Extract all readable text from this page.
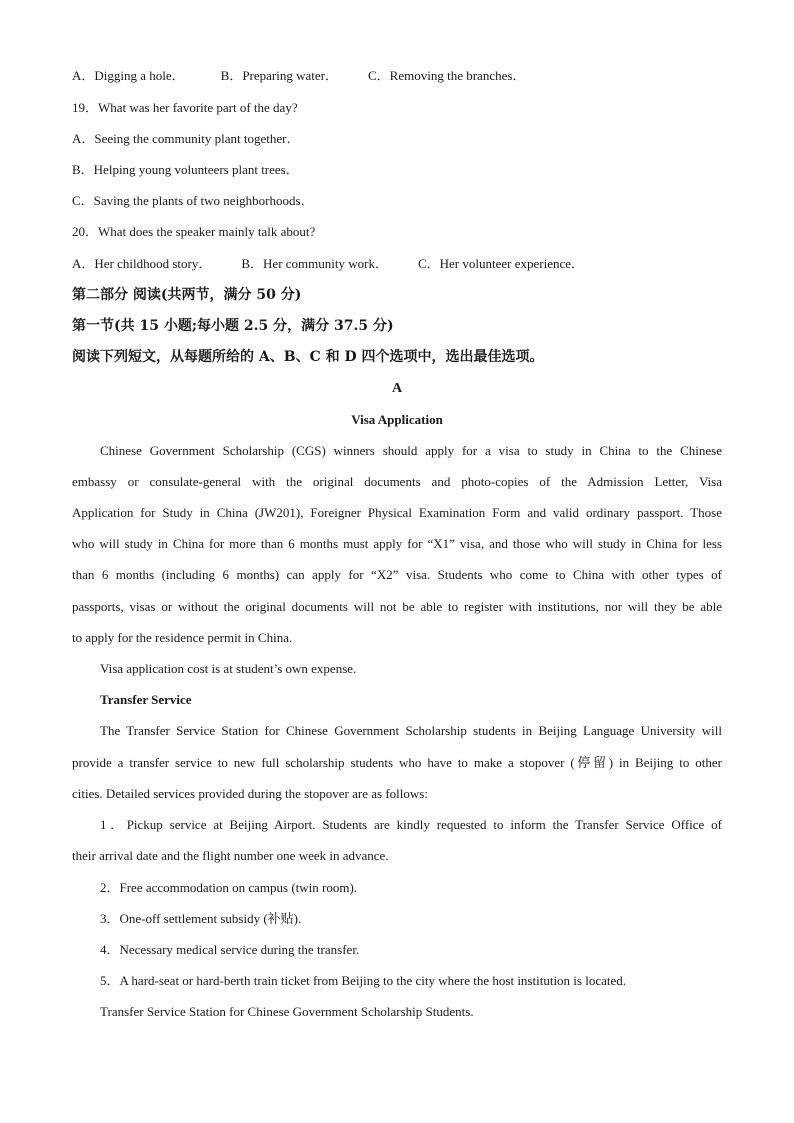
A．Digging a hole．	B．Preparing water． C．Removing the branches．
19．What was her favorite part of the day?
A．Seeing the community plant together．
B．Helping young volunteers plant trees．
C．Saving the plants of two neighborhoods．
20．What does the speaker mainly talk about?
A．Her childhood story． B．Her community work． C．Her volunteer experience．
第二部分 阅读(共两节，满分 50 分)
第一节(共 15 小题;每小题 2.5 分，满分 37.5 分)
阅读下列短文，从每题所给的 A、B、C 和 D 四个选项中，选出最佳选项。
A
Visa Application
Chinese Government Scholarship (CGS) winners should apply for a visa to study in China to the Chinese
embassy or consulate-general with the original documents and photo-copies of the Admission Letter, Visa
Application for Study in China (JW201), Foreigner Physical Examination Form and valid ordinary passport. Those
who will study in China for more than 6 months must apply for “X1” visa, and those who will study in China for less
than 6 months (including 6 months) can apply for “X2” visa. Students who come to China with other types of
passports, visas or without the original documents will not be able to register with institutions, nor will they be able
to apply for the residence permit in China.
Visa application cost is at student’s own expense.
Transfer Service
The Transfer Service Station for Chinese Government Scholarship students in Beijing Language University will
provide a transfer service to new full scholarship students who have to make a stopover (停留) in Beijing to other
cities. Detailed services provided during the stopover are as follows:
1．Pickup service at Beijing Airport. Students are kindly requested to inform the Transfer Service Office of
their arrival date and the flight number one week in advance.
2．Free accommodation on campus (twin room).
3．One-off settlement subsidy (补贴).
4．Necessary medical service during the transfer.
5．A hard-seat or hard-berth train ticket from Beijing to the city where the host institution is located.
Transfer Service Station for Chinese Government Scholarship Students.
